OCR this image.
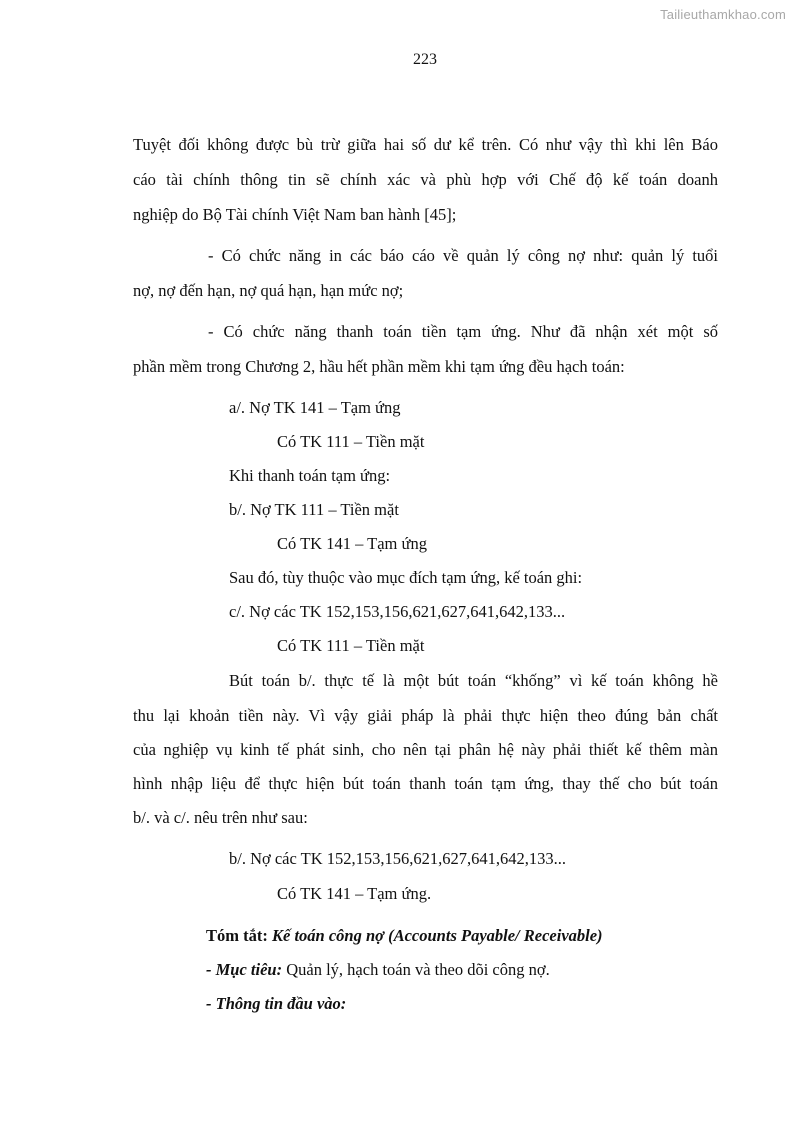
Tailieuthamkhao.com
223
Tuyệt đối không được bù trừ giữa hai số dư kể trên. Có như vậy thì khi lên Báo
cáo tài chính thông tin sẽ chính xác và phù hợp với Chế độ kế toán doanh
nghiệp do Bộ Tài chính Việt Nam ban hành [45];
- Có chức năng in các báo cáo về quản lý công nợ như: quản lý tuổi
nợ, nợ đến hạn, nợ quá hạn, hạn mức nợ;
- Có chức năng thanh toán tiền tạm ứng. Như đã nhận xét một số
phần mềm trong Chương 2, hầu hết phần mềm khi tạm ứng đều hạch toán:
a/. Nợ TK 141 – Tạm ứng
Có TK 111 – Tiền mặt
Khi thanh toán tạm ứng:
b/. Nợ TK 111 – Tiền mặt
Có TK 141 – Tạm ứng
Sau đó, tùy thuộc vào mục đích tạm ứng, kế toán ghi:
c/. Nợ các TK 152,153,156,621,627,641,642,133...
Có TK 111 – Tiền mặt
Bút toán b/. thực tế là một bút toán “khống” vì kế toán không hề
thu lại khoản tiền này. Vì vậy giải pháp là phải thực hiện theo đúng bản chất
của nghiệp vụ kinh tế phát sinh, cho nên tại phân hệ này phải thiết kế thêm màn
hình nhập liệu để thực hiện bút toán thanh toán tạm ứng, thay thế cho bút toán
b/. và c/. nêu trên như sau:
b/. Nợ các TK 152,153,156,621,627,641,642,133...
Có TK 141 – Tạm ứng.
Tóm tắt: Kế toán công nợ (Accounts Payable/ Receivable)
- Mục tiêu: Quản lý, hạch toán và theo dõi công nợ.
- Thông tin đầu vào:
